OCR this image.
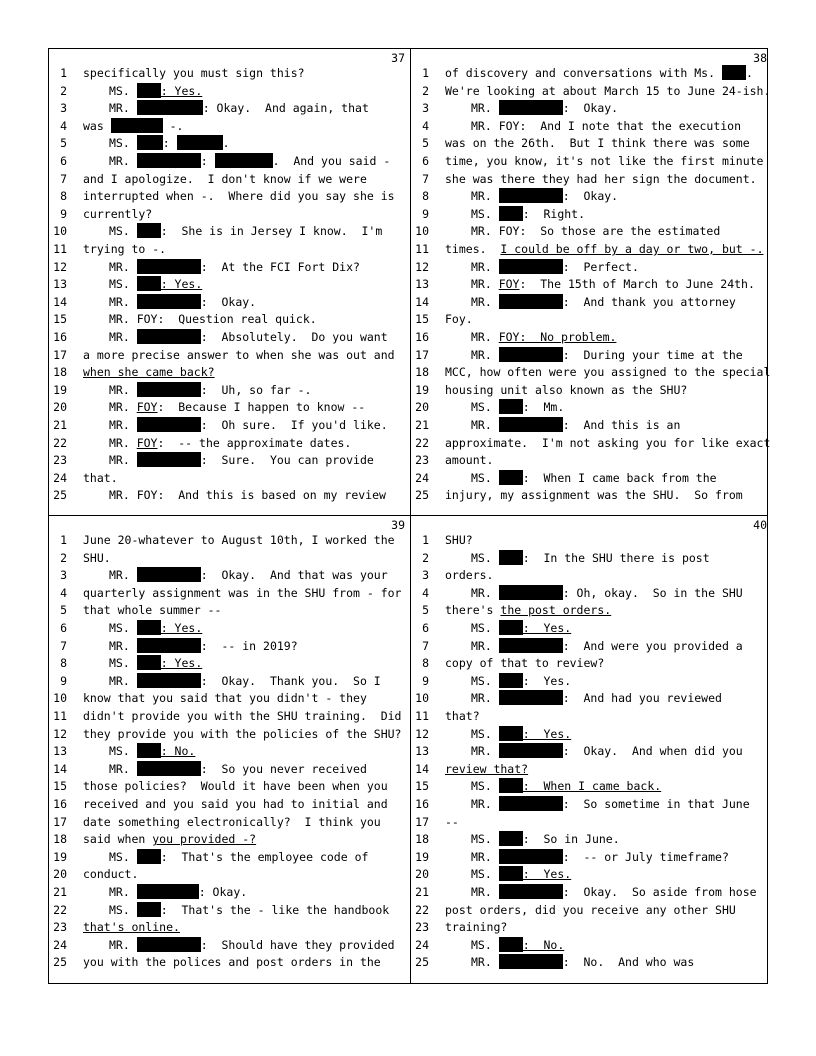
37
1 specifically you must sign this?
2	MS. : Yes.
3	MR.	: Okay.  And again, that
4 was	-.
5	MS. :	.
6	MR.	:	.  And you said -
7 and I apologize.  I don't know if we were
8 interrupted when -.  Where did you say she is
9 currently?
10	MS. :  She is in Jersey I know.  I'm
11 trying to -.
12	MR.	:  At the FCI Fort Dix?
13	MS. : Yes.
14	MR.	:  Okay.
15	MR. FOY:  Question real quick.
16	MR.	:  Absolutely.  Do you want
17 a more precise answer to when she was out and
18 when she came back?
19	MR.	:  Uh, so far -.
20	MR. FOY:  Because I happen to know --
21	MR.	:  Oh sure.  If you'd like.
22	MR. FOY:  -- the approximate dates.
23	MR.	:  Sure.  You can provide
24 that.
25	MR. FOY:  And this is based on my review
38
1 of discovery and conversations with Ms. .
2 We're looking at about March 15 to June 24-ish.
3	MR.	:  Okay.
4	MR. FOY:  And I note that the execution
5 was on the 26th.  But I think there was some
6 time, you know, it's not like the first minute
7 she was there they had her sign the document.
8	MR.	:  Okay.
9	MS. :  Right.
10	MR. FOY:  So those are the estimated
11 times.  I could be off by a day or two, but -.
12	MR.	:  Perfect.
13	MR. FOY:  The 15th of March to June 24th.
14	MR.	:  And thank you attorney
15 Foy.
16	MR. FOY:  No problem.
17	MR.	:  During your time at the
18 MCC, how often were you assigned to the special
19 housing unit also known as the SHU?
20	MS. :  Mm.
21	MR.	:  And this is an
22 approximate.  I'm not asking you for like exact
23 amount.
24	MS. :  When I came back from the
25 injury, my assignment was the SHU.  So from
39
1 June 20-whatever to August 10th, I worked the
2 SHU.
3	MR.	:  Okay.  And that was your
4 quarterly assignment was in the SHU from - for
5 that whole summer --
6	MS. : Yes.
7	MR.	:  -- in 2019?
8	MS. : Yes.
9	MR.	:  Okay.  Thank you.  So I
10 know that you said that you didn't - they
11 didn't provide you with the SHU training.  Did
12 they provide you with the policies of the SHU?
13	MS. : No.
14	MR.	:  So you never received
15 those policies?  Would it have been when you
16 received and you said you had to initial and
17 date something electronically?  I think you
18 said when you provided -?
19	MS. :  That's the employee code of
20 conduct.
21	MR.	: Okay.
22	MS. :  That's the - like the handbook
23 that's online.
24	MR.	:  Should have they provided
25 you with the polices and post orders in the
40
1 SHU?
2	MS. :  In the SHU there is post
3 orders.
4	MR.	: Oh, okay.  So in the SHU
5 there's the post orders.
6	MS. :  Yes.
7	MR.	:  And were you provided a
8 copy of that to review?
9	MS. :  Yes.
10	MR.	:  And had you reviewed
11 that?
12	MS. :  Yes.
13	MR.	:  Okay.  And when did you
14 review that?
15	MS. :  When I came back.
16	MR.	:  So sometime in that June
17 --
18	MS. :  So in June.
19	MR.	:  -- or July timeframe?
20	MS. :  Yes.
21	MR.	:  Okay.  So aside from hose
22 post orders, did you receive any other SHU
23 training?
24	MS. :  No.
25	MR.	:  No.  And who was
